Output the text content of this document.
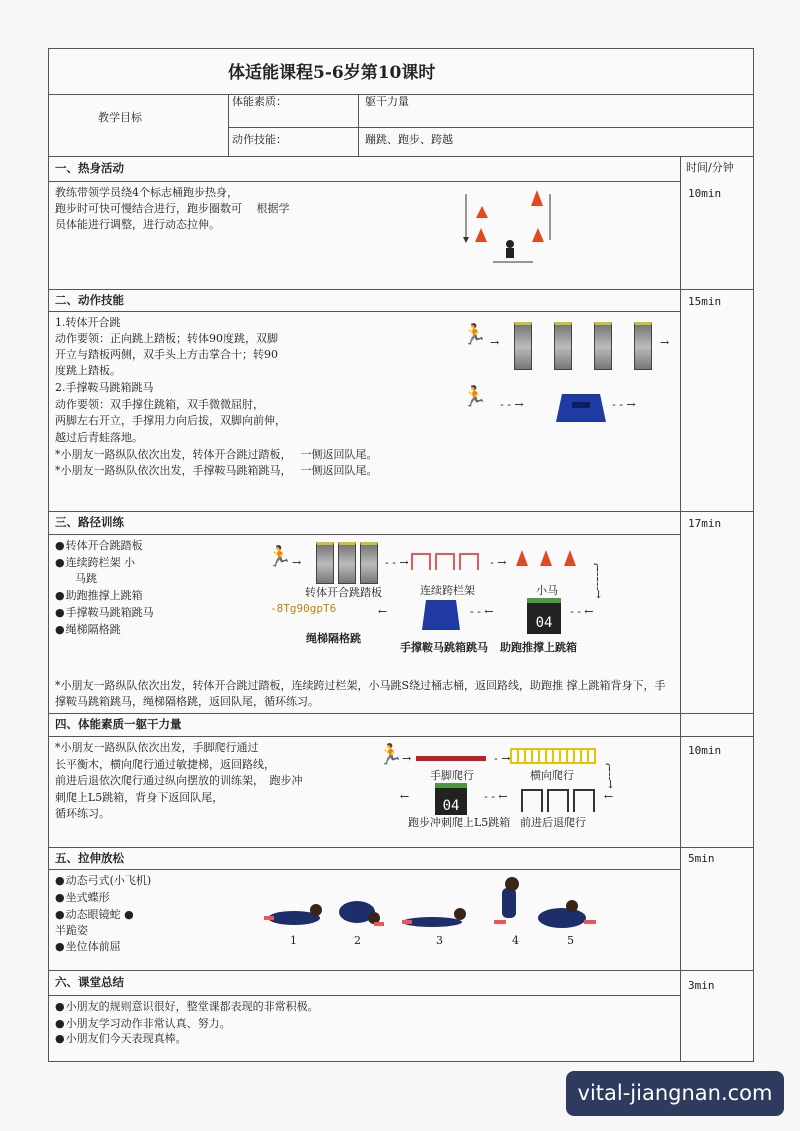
体适能课程5-6岁第10课时
教学目标
体能素质：	躯干力量
动作技能：	蹦跳、跑步、跨越
时间/分钟
一、热身活动
教练带领学员绕4个标志桶跑步热身，
跑步时可快可慢结合进行，跑步圈数可　 根据学
员体能进行调整，进行动态拉伸。
10min
二、动作技能
1.转体开合跳
动作要领：正向跳上踏板；转体90度跳，双脚
开立与踏板两侧，双手头上方击掌合十；转90
度跳上踏板。
2.手撑鞍马跳箱跳马
动作要领：双手撑住跳箱，双手微微屈肘，
两脚左右开立，手撑用力向后拔，双脚向前伸，
越过后青蛙落地。
*小朋友一路纵队依次出发，转体开合跳过踏板，　 一侧返回队尾。
*小朋友一路纵队依次出发，手撑鞍马跳箱跳马，　 一侧返回队尾。
15min
🏃 →	→
🏃 - - →	- - →
三、路径训练
● 转体开合跳踏板
● 连续跨栏架 小
马跳
● 助跑推撑上跳箱
● 手撑鞍马跳箱跳马
● 绳梯隔格跳
17min
🏃 →	- - →	- →	╮
┆
┆
↓
转体开合跳踏板	连续跨栏架	小马
-8Tg90gpT6
绳梯隔格跳
←	- - ←
04
- - ←
手撑鞍马跳箱跳马 助跑推撑上跳箱
*小朋友一路纵队依次出发，转体开合跳过踏板，连续跨过栏架，小马跳S绕过桶志桶，返回路线，助跑推 撑上跳箱背身下，手
撑鞍马跳箱跳马，绳梯隔格跳，返回队尾，循环练习。
四、体能素质一躯干力量
*小朋友一路纵队依次出发，手脚爬行通过
长平衡木，横向爬行通过敏捷梯，返回路线，
前进后退依次爬行通过纵向摆放的训练架，　跑步冲
刺爬上L5跳箱，背身下返回队尾，
循环练习。
10min
🏃 →	- →	╮
┆
↓
手脚爬行	横向爬行
←
04
- - ←	←
跑步冲刺爬上L5跳箱 前进后退爬行
五、拉伸放松
● 动态弓式(小飞机)
● 坐式蝶形
● 动态眼镜蛇 ●
半跪姿
● 坐位体前屈
5min
1	2	3	4	5
六、课堂总结
● 小朋友的规则意识很好，整堂课都表现的非常积极。
● 小朋友学习动作非常认真、努力。
● 小朋友们今天表现真棒。
3min
vital-jiangnan.com
